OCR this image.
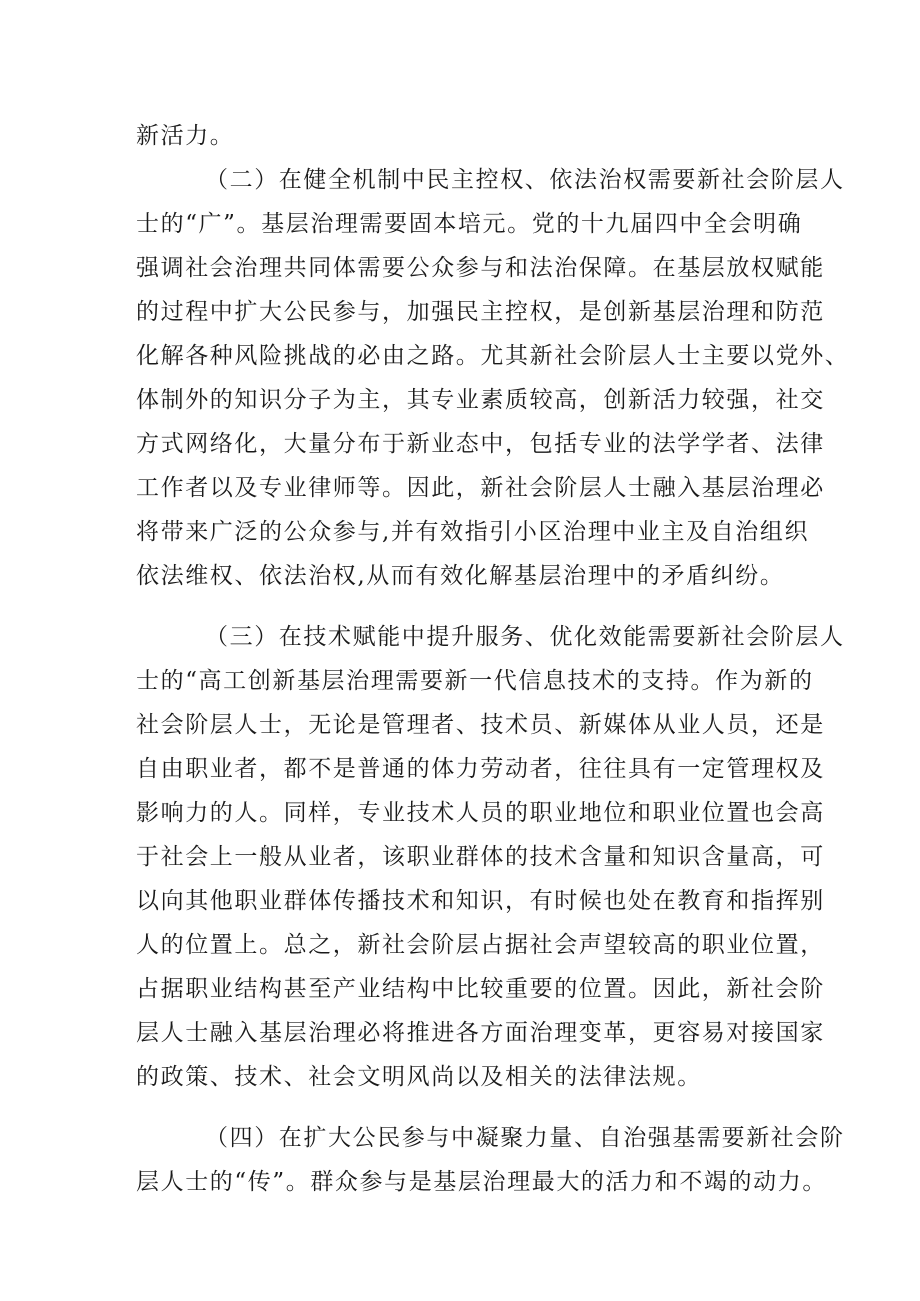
新活力。
（二）在健全机制中民主控权、依法治权需要新社会阶层人
士的“广”。基层治理需要固本培元。党的十九届四中全会明确
强调社会治理共同体需要公众参与和法治保障。在基层放权赋能
的过程中扩大公民参与，加强民主控权，是创新基层治理和防范
化解各种风险挑战的必由之路。尤其新社会阶层人士主要以党外、
体制外的知识分子为主，其专业素质较高，创新活力较强，社交
方式网络化，大量分布于新业态中，包括专业的法学学者、法律
工作者以及专业律师等。因此，新社会阶层人士融入基层治理必
将带来广泛的公众参与,并有效指引小区治理中业主及自治组织
依法维权、依法治权,从而有效化解基层治理中的矛盾纠纷。
（三）在技术赋能中提升服务、优化效能需要新社会阶层人
士的“高工创新基层治理需要新一代信息技术的支持。作为新的
社会阶层人士，无论是管理者、技术员、新媒体从业人员，还是
自由职业者，都不是普通的体力劳动者，往往具有一定管理权及
影响力的人。同样，专业技术人员的职业地位和职业位置也会高
于社会上一般从业者，该职业群体的技术含量和知识含量高，可
以向其他职业群体传播技术和知识，有时候也处在教育和指挥别
人的位置上。总之，新社会阶层占据社会声望较高的职业位置，
占据职业结构甚至产业结构中比较重要的位置。因此，新社会阶
层人士融入基层治理必将推进各方面治理变革，更容易对接国家
的政策、技术、社会文明风尚以及相关的法律法规。
（四）在扩大公民参与中凝聚力量、自治强基需要新社会阶
层人士的“传”。群众参与是基层治理最大的活力和不竭的动力。
